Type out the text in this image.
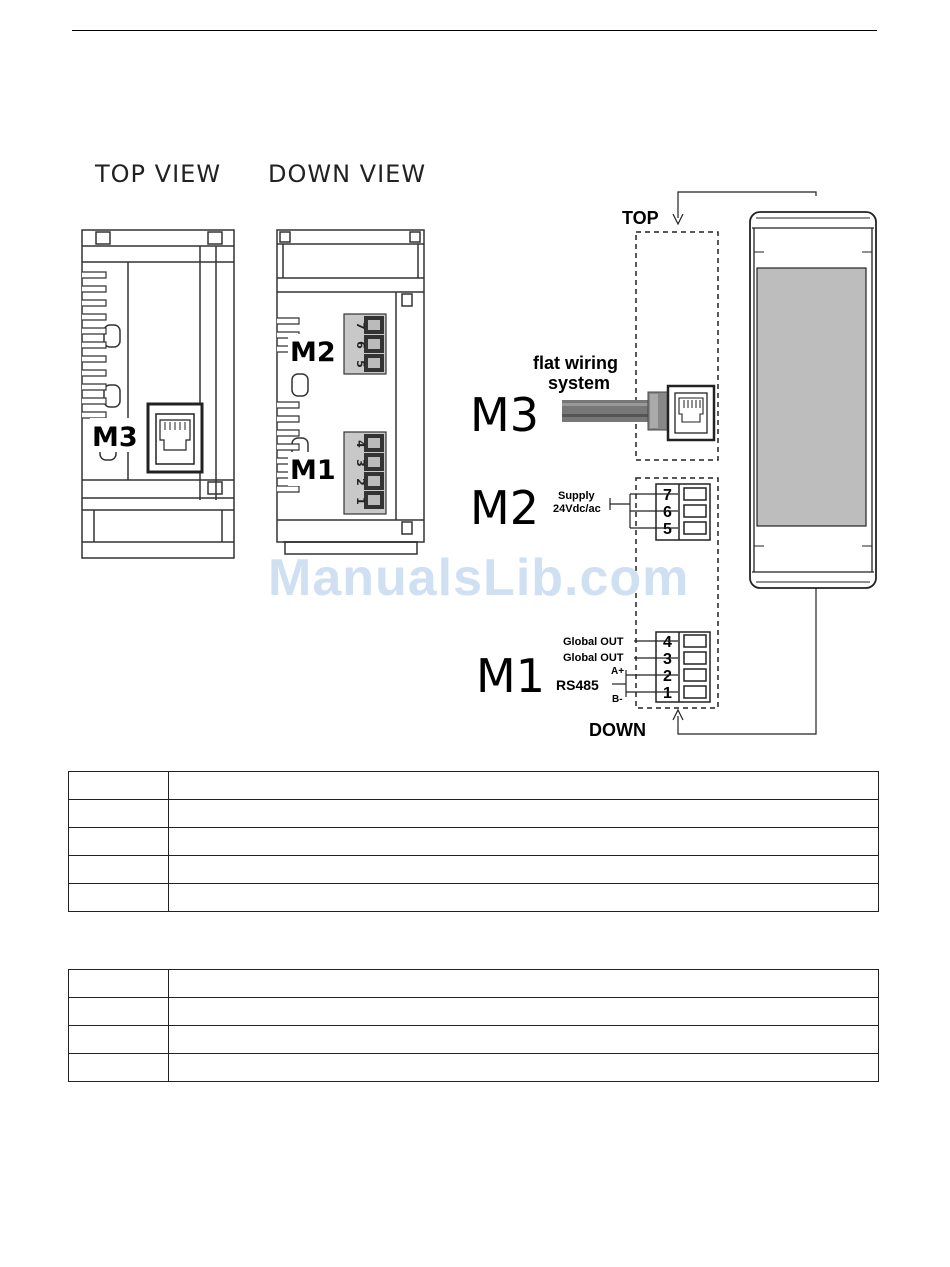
TOP VIEW DOWN VIEW
M3
7
6
5
4
3
2
1
M2
M1
TOP
flat wiring
system
M3
7
6
5
Supply
24Vdc/ac
M2
4
3
2
1
Global OUT
Global OUT
A+
RS485
B-
M1
DOWN
ManualsLib.com
